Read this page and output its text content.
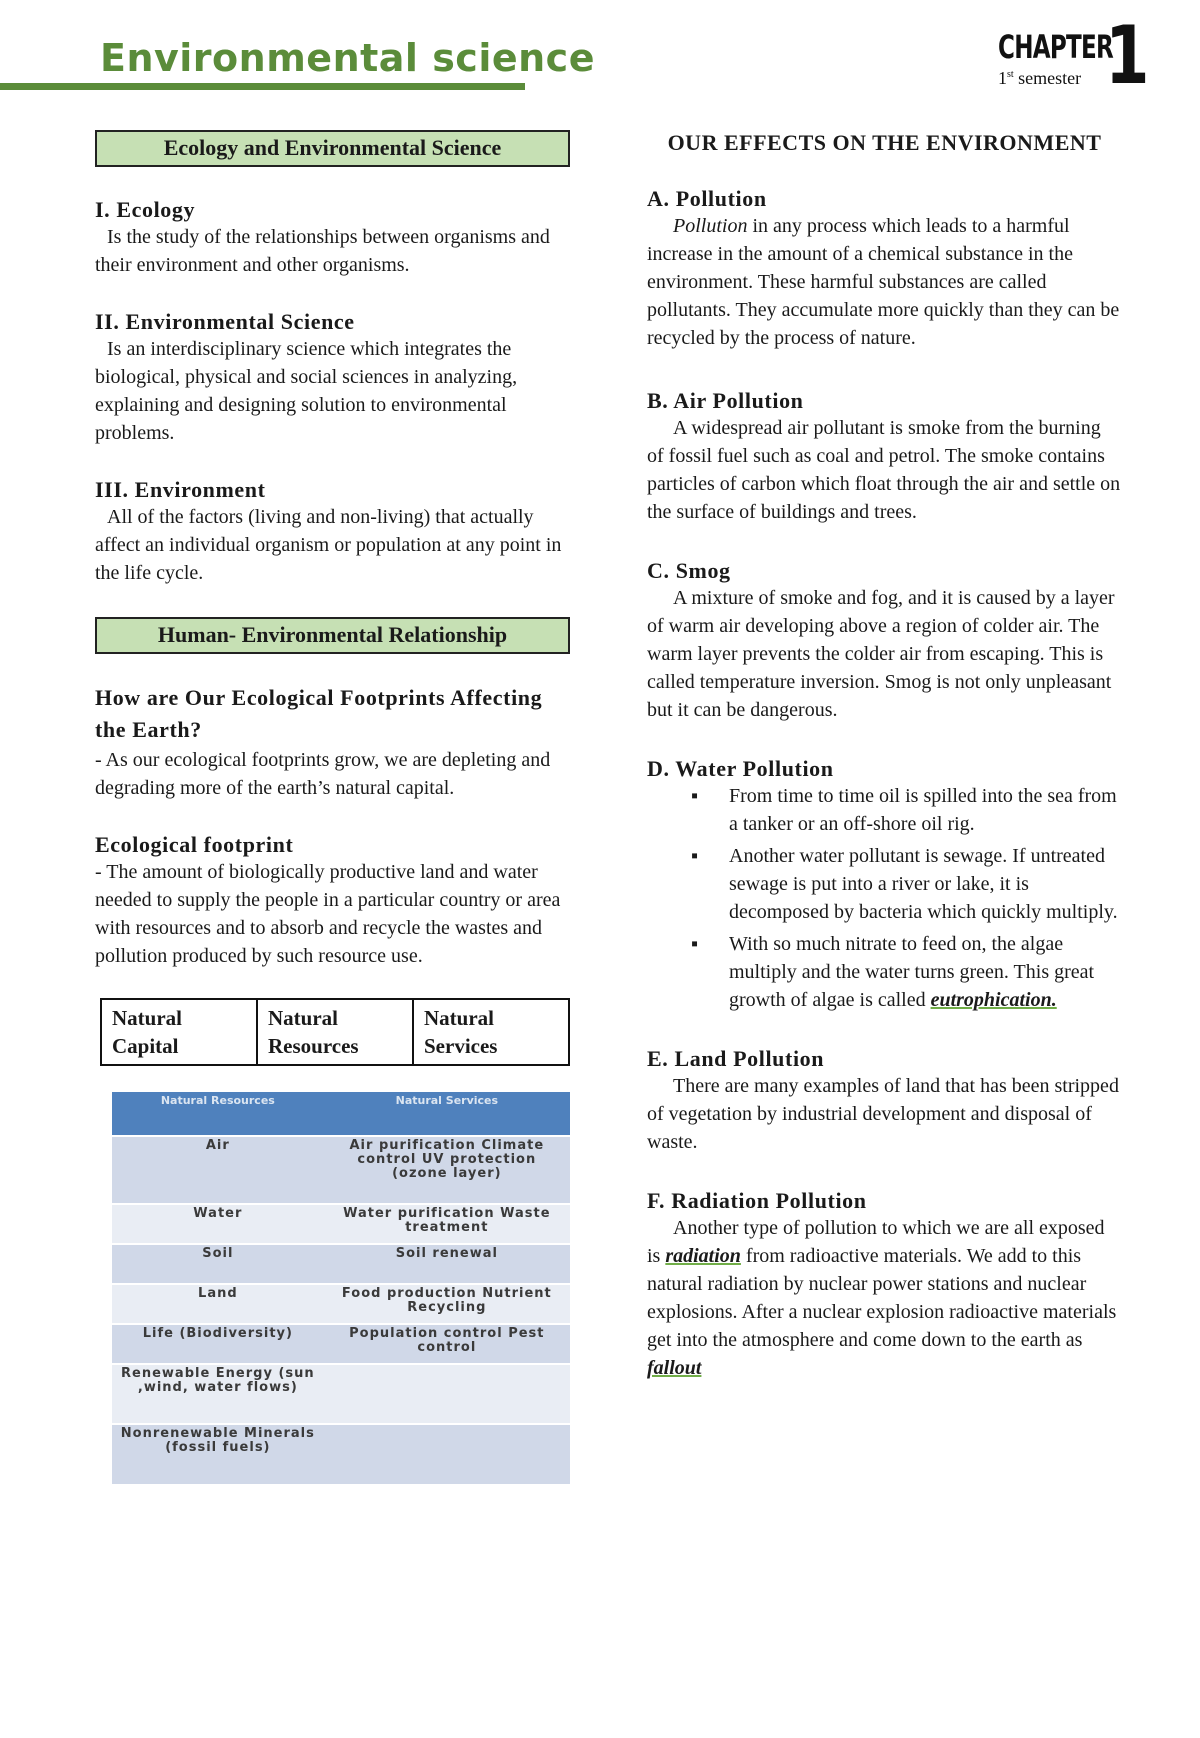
Environmental science	CHAPTER
1
1st semester
Ecology and Environmental Science

I. Ecology

Is the study of the relationships between organisms and their environment and other organisms.

II. Environmental Science

Is an interdisciplinary science which integrates the biological, physical and social sciences in analyzing, explaining and designing solution to environmental problems.

III. Environment

All of the factors (living and non-living) that actually affect an individual organism or population at any point in the life cycle.

Human- Environmental Relationship

How are Our Ecological Footprints Affecting the Earth?

- As our ecological footprints grow, we are depleting and degrading more of the earth’s natural capital.

Ecological footprint

- The amount of biologically productive land and water needed to supply the people in a particular country or area with resources and to absorb and recycle the wastes and pollution produced by such resource use.

Natural Capital	Natural Resources	Natural Services
Natural Resources	Natural Services
Air	Air purification Climate control UV protection (ozone layer)
Water	Water purification Waste treatment
Soil	Soil renewal
Land	Food production Nutrient Recycling
Life (Biodiversity)	Population control Pest control
Renewable Energy (sun ,wind, water flows)	
Nonrenewable Minerals (fossil fuels)	

OUR EFFECTS ON THE ENVIRONMENT

A. Pollution

Pollution in any process which leads to a harmful increase in the amount of a chemical substance in the environment. These harmful substances are called pollutants. They accumulate more quickly than they can be recycled by the process of nature.

B. Air Pollution

A widespread air pollutant is smoke from the burning of fossil fuel such as coal and petrol. The smoke contains particles of carbon which float through the air and settle on the surface of buildings and trees.

C. Smog

A mixture of smoke and fog, and it is caused by a layer of warm air developing above a region of colder air. The warm layer prevents the colder air from escaping. This is called temperature inversion. Smog is not only unpleasant but it can be dangerous.

D. Water Pollution

▪ From time to time oil is spilled into the sea from a tanker or an off-shore oil rig.
▪ Another water pollutant is sewage. If untreated sewage is put into a river or lake, it is decomposed by bacteria which quickly multiply.
▪ With so much nitrate to feed on, the algae multiply and the water turns green. This great growth of algae is called eutrophication.

E. Land Pollution

There are many examples of land that has been stripped of vegetation by industrial development and disposal of waste.

F. Radiation Pollution

Another type of pollution to which we are all exposed is radiation from radioactive materials. We add to this natural radiation by nuclear power stations and nuclear explosions. After a nuclear explosion radioactive materials get into the atmosphere and come down to the earth as fallout
